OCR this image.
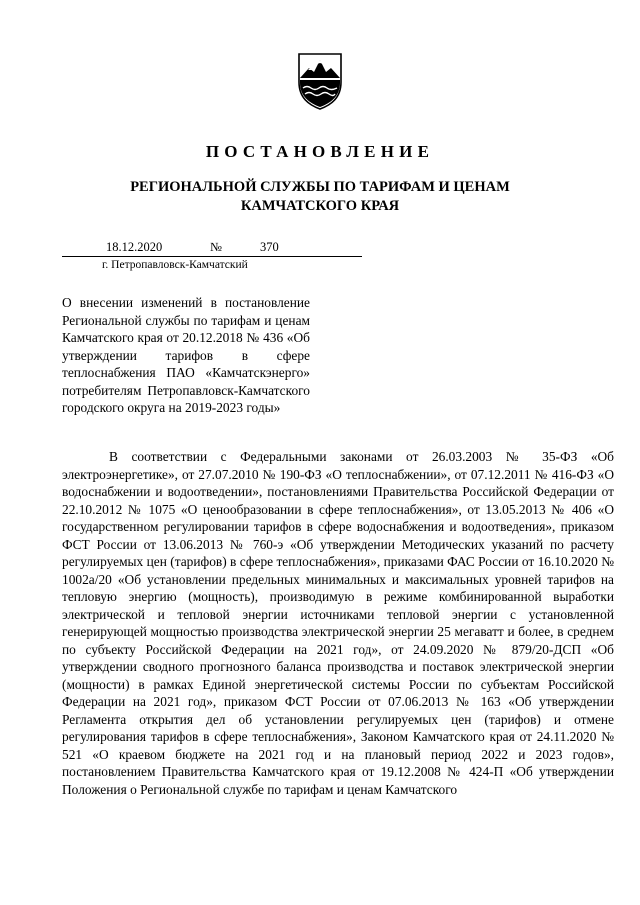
ПОСТАНОВЛЕНИЕ
РЕГИОНАЛЬНОЙ СЛУЖБЫ ПО ТАРИФАМ И ЦЕНАМ
КАМЧАТСКОГО КРАЯ
18.12.2020	№	370
г. Петропавловск-Камчатский
О внесении изменений в постановление Региональной службы по тарифам и ценам Камчатского края от 20.12.2018 № 436 «Об утверждении тарифов в сфере теплоснабжения ПАО «Камчатскэнерго» потребителям Петропавловск-Камчатского городского округа на 2019-2023 годы»
В соответствии с Федеральными законами от 26.03.2003 № 35-ФЗ «Об электроэнергетике», от 27.07.2010 № 190-ФЗ «О теплоснабжении», от 07.12.2011 № 416-ФЗ «О водоснабжении и водоотведении», постановлениями Правительства Российской Федерации от 22.10.2012 № 1075 «О ценообразовании в сфере теплоснабжения», от 13.05.2013 № 406 «О государственном регулировании тарифов в сфере водоснабжения и водоотведения», приказом ФСТ России от 13.06.2013 № 760-э «Об утверждении Методических указаний по расчету регулируемых цен (тарифов) в сфере теплоснабжения», приказами ФАС России от 16.10.2020 № 1002а/20 «Об установлении предельных минимальных и максимальных уровней тарифов на тепловую энергию (мощность), производимую в режиме комбинированной выработки электрической и тепловой энергии источниками тепловой энергии с установленной генерирующей мощностью производства электрической энергии 25 мегаватт и более, в среднем по субъекту Российской Федерации на 2021 год», от 24.09.2020 № 879/20-ДСП «Об утверждении сводного прогнозного баланса производства и поставок электрической энергии (мощности) в рамках Единой энергетической системы России по субъектам Российской Федерации на 2021 год», приказом ФСТ России от 07.06.2013 № 163 «Об утверждении Регламента открытия дел об установлении регулируемых цен (тарифов) и отмене регулирования тарифов в сфере теплоснабжения», Законом Камчатского края от 24.11.2020 № 521 «О краевом бюджете на 2021 год и на плановый период 2022 и 2023 годов», постановлением Правительства Камчатского края от 19.12.2008 № 424-П «Об утверждении Положения о Региональной службе по тарифам и ценам Камчатского
